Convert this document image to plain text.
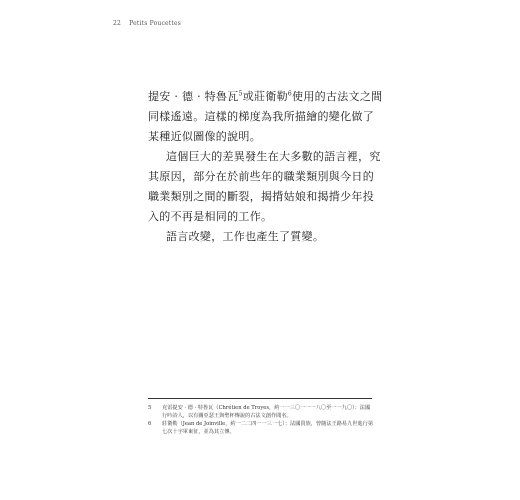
22 Petits Poucettes

提安 · 德 · 特魯瓦$^5$或莊衛勒$^6$使用的古法文之間同樣遙遠。這樣的梯度為我所描繪的變化做了某種近似圖像的說明。

這個巨大的差異發生在大多數的語言裡，究其原因，部分在於前些年的職業類別與今日的職業類別之間的斷裂，揭揹姑娘和揭揹少年投入的不再是相同的工作。

語言改變，工作也產生了質變。

5	克雷提安 · 德 · 特魯瓦（Chrétien de Troyes，約一一三〇一一一八〇至一一九〇）：法國行吟詩人，以有關亞瑟王與聖杯傳說的古法文創作聞名。
6	莊衛勒（Jean de Joinville，約一二二四一一三一七）：法國貴族，曾隨法王路易九世進行第七次十字軍東征，並為其立傳。
